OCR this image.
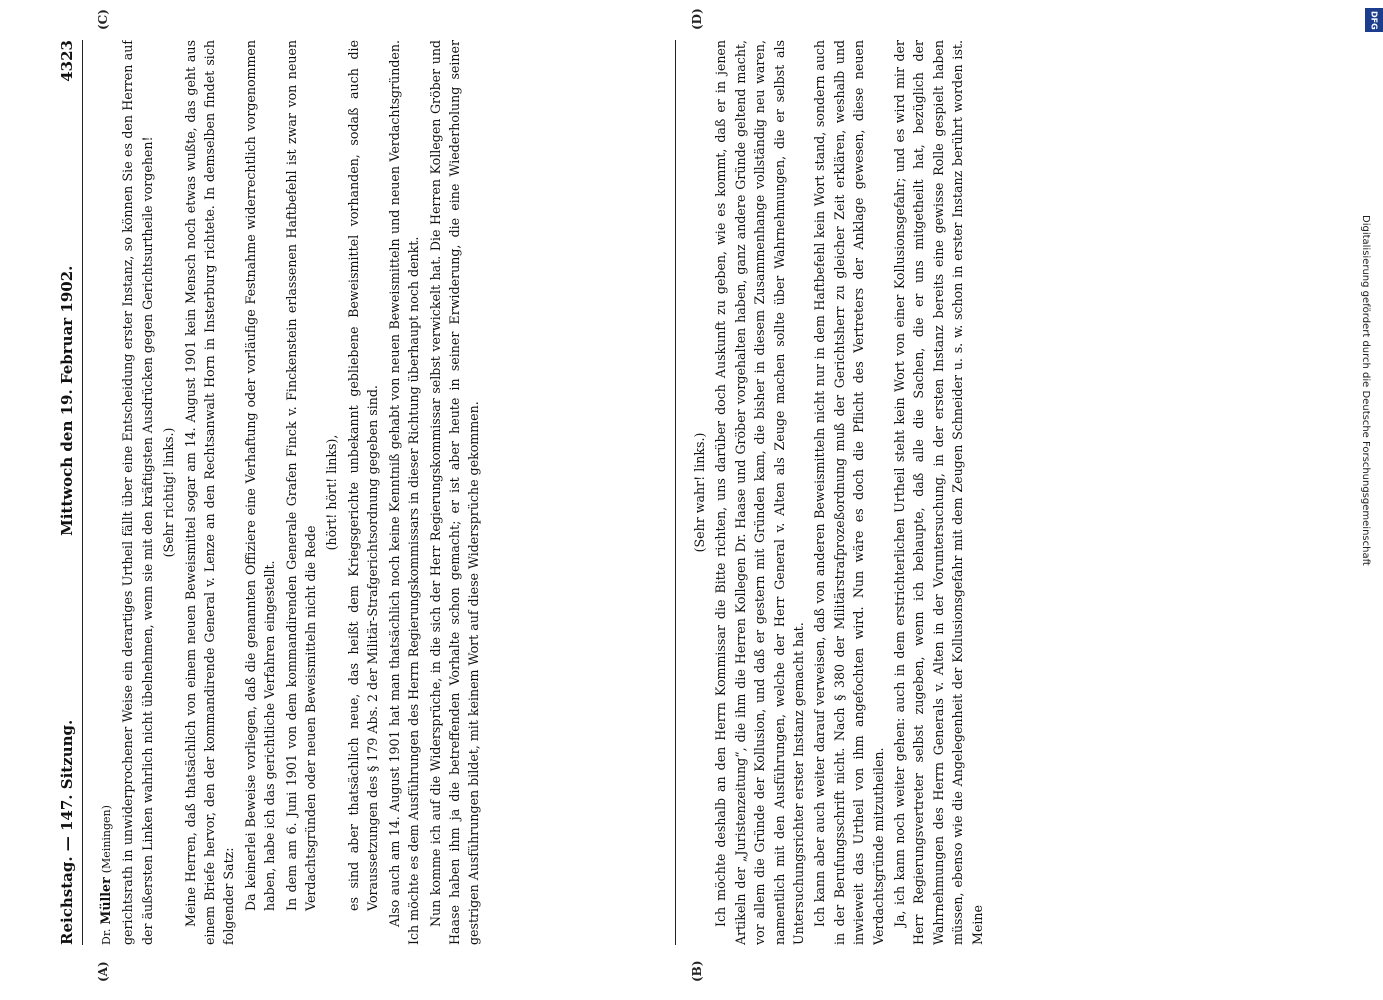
Reichstag. — 147. Sitzung.
Mittwoch den 19. Februar 1902.
4323
(A)	(B)

Dr. Müller (Meiningen) gerichtsrath in unwiderprochener Weise ein derartiges Urtheil fällt über eine Entscheidung erster Instanz, so können Sie es den Herren auf der äußersten Linken wahrlich nicht übelnehmen, wenn sie mit den kräftigsten Ausdrücken gegen Gerichtsurtheile vorgehen! (Sehr richtig! links.) Meine Herren, daß thatsächlich von einem neuen Beweismittel sogar am 14. August 1901 kein Mensch noch etwas wußte, das geht aus einem Briefe hervor, den der kommandirende General v. Lenze an den Rechtsanwalt Horn in Insterburg richtete. In demselben findet sich folgender Satz: Da keinerlei Beweise vorliegen, daß die genannten Offiziere eine Verhaftung oder vorläufige Festnahme widerrechtlich vorgenommen haben, habe ich das gerichtliche Verfahren eingestellt. In dem am 6. Juni 1901 von dem kommandirenden Generale Grafen Finck v. Finckenstein erlassenen Haftbefehl ist zwar von neuen Verdachtsgründen oder neuen Beweismitteln nicht die Rede

(hört! hört! links), es sind aber thatsächlich neue, das heißt dem Kriegsgerichte unbekannt gebliebene Beweismittel vorhanden, sodaß auch die Voraussetzungen des § 179 Abs. 2 der Militär-Strafgerichtsordnung gegeben sind. Also auch am 14. August 1901 hat man thatsächlich noch keine Kenntniß gehabt von neuen Beweismitteln und neuen Verdachtsgründen. Ich möchte es dem Ausführungen des Herrn Regierungskommissars in dieser Richtung überhaupt noch denkt. Nun komme ich auf die Widersprüche, in die sich der Herr Regierungskommissar selbst verwickelt hat. Die Herren Kollegen Gröber und Haase haben ihm ja die betreffenden Vorhalte schon gemacht; er ist aber heute in seiner Erwiderung, die eine Wiederholung seiner gestrigen Ausführungen bildet, mit keinem Wort auf diese Widersprüche gekommen.	(Sehr wahr! links.) Ich möchte deshalb an den Herrn Kommissar die Bitte richten, uns darüber doch Auskunft zu geben, wie es kommt, daß er in jenen Artikeln der „Juristenzeitung“, die ihm die Herren Kollegen Dr. Haase und Gröber vorgehalten haben, ganz andere Gründe geltend macht, vor allem die Gründe der Kollusion, und daß er gestern mit Gründen kam, die bisher in diesem Zusammenhange vollständig neu waren, namentlich mit den Ausführungen, welche der Herr General v. Alten als Zeuge machen sollte über Wahrnehmungen, die er selbst als Untersuchungsrichter erster Instanz gemacht hat. Ich kann aber auch weiter darauf verweisen, daß von anderen Beweismitteln nicht nur in dem Haftbefehl kein Wort stand, sondern auch in der Berufungsschrift nicht. Nach § 380 der Militärstrafprozeßordnung muß der Gerichtsherr zu gleicher Zeit erklären, weshalb und inwieweit das Urtheil von ihm angefochten wird. Nun wäre es doch die Pflicht des Vertreters der Anklage gewesen, diese neuen Verdachtsgründe mitzutheilen. Ja, ich kann noch weiter gehen: auch in dem erstrichterlichen Urtheil steht kein Wort von einer Kollusionsgefahr; und es wird mir der Herr Regierungsvertreter selbst zugeben, wenn ich behaupte, daß alle die Sachen, die er uns mitgetheilt hat, bezüglich der Wahrnehmungen des Herrn Generals v. Alten in der Voruntersuchung, in der ersten Instanz bereits eine gewisse Rolle gespielt haben müssen, ebenso wie die Angelegenheit der Kollusionsgefahr mit dem Zeugen Schneider u. s. w. schon in erster Instanz berührt worden ist. Meine

(C)	(D)
Digitalisierung gefördert durch die Deutsche Forschungsgemeinschaft
DFG
